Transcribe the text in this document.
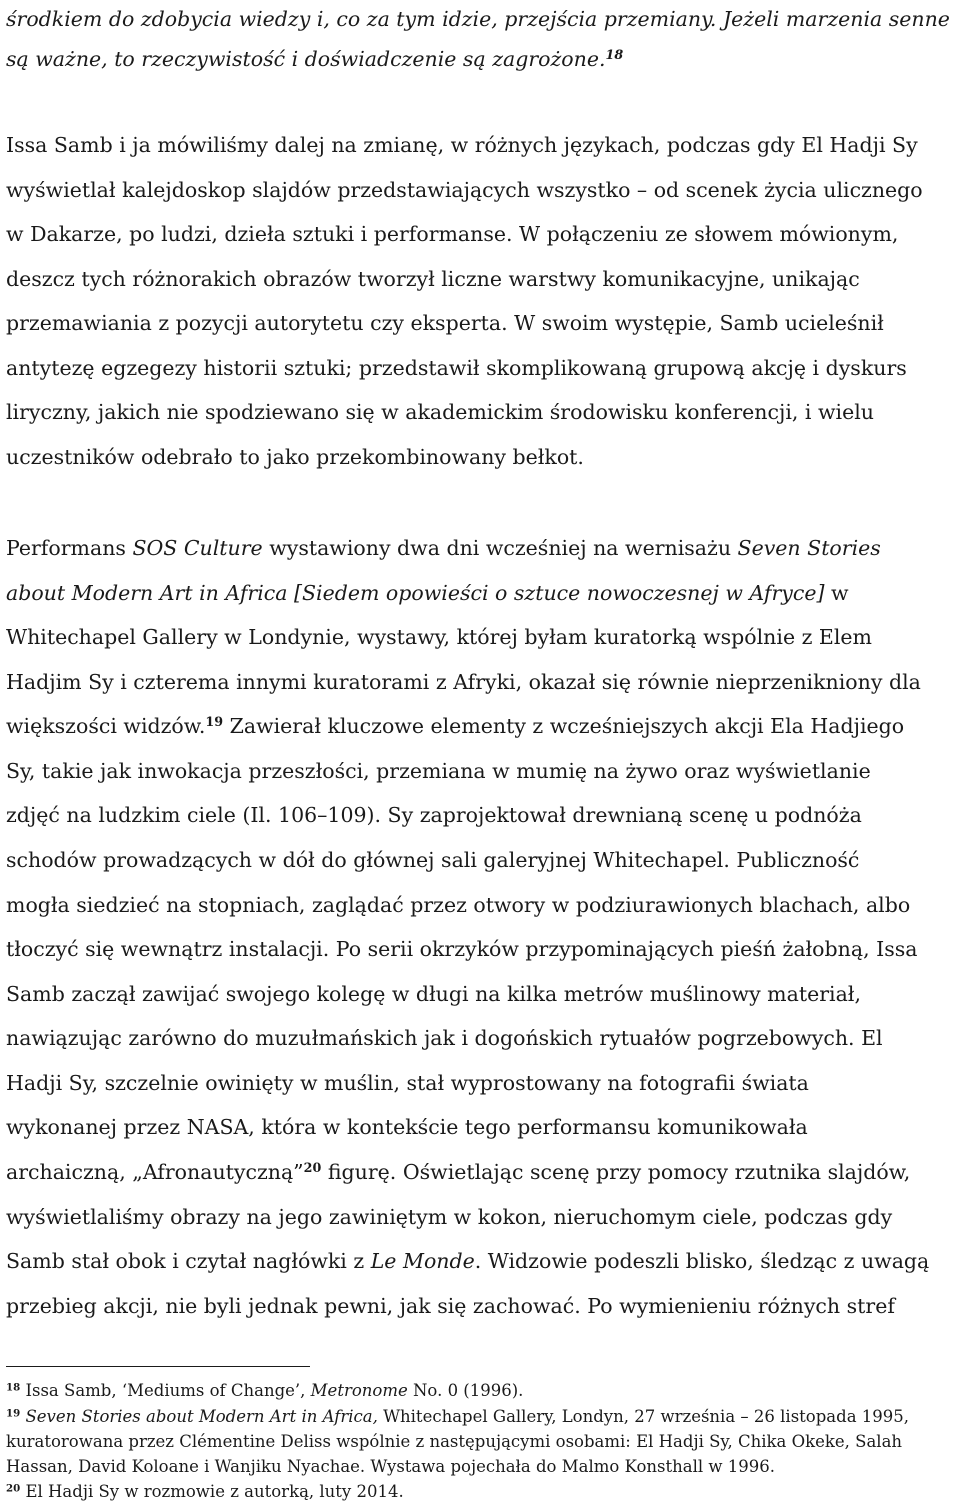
środkiem do zdobycia wiedzy i, co za tym idzie, przejścia przemiany. Jeżeli marzenia senne
są ważne, to rzeczywistość i doświadczenie są zagrożone.$^{18}$
Issa Samb i ja mówiliśmy dalej na zmianę, w różnych językach, podczas gdy El Hadji Sy
wyświetlał kalejdoskop slajdów przedstawiających wszystko – od scenek życia ulicznego
w Dakarze, po ludzi, dzieła sztuki i performanse. W połączeniu ze słowem mówionym,
deszcz tych różnorakich obrazów tworzył liczne warstwy komunikacyjne, unikając
przemawiania z pozycji autorytetu czy eksperta. W swoim występie, Samb ucieleśnił
antytezę egzegezy historii sztuki; przedstawił skomplikowaną grupową akcję i dyskurs
liryczny, jakich nie spodziewano się w akademickim środowisku konferencji, i wielu
uczestników odebrało to jako przekombinowany bełkot.
Performans SOS Culture wystawiony dwa dni wcześniej na wernisażu Seven Stories
about Modern Art in Africa [Siedem opowieści o sztuce nowoczesnej w Afryce] w
Whitechapel Gallery w Londynie, wystawy, której byłam kuratorką wspólnie z Elem
Hadjim Sy i czterema innymi kuratorami z Afryki, okazał się równie nieprzenikniony dla
większości widzów.$^{19}$ Zawierał kluczowe elementy z wcześniejszych akcji Ela Hadjiego
Sy, takie jak inwokacja przeszłości, przemiana w mumię na żywo oraz wyświetlanie
zdjęć na ludzkim ciele (Il. 106–109). Sy zaprojektował drewnianą scenę u podnóża
schodów prowadzących w dół do głównej sali galeryjnej Whitechapel. Publiczność
mogła siedzieć na stopniach, zaglądać przez otwory w podziurawionych blachach, albo
tłoczyć się wewnątrz instalacji. Po serii okrzyków przypominających pieśń żałobną, Issa
Samb zaczął zawijać swojego kolegę w długi na kilka metrów muślinowy materiał,
nawiązując zarówno do muzułmańskich jak i dogońskich rytuałów pogrzebowych. El
Hadji Sy, szczelnie owinięty w muślin, stał wyprostowany na fotografii świata
wykonanej przez NASA, która w kontekście tego performansu komunikowała
archaiczną, „Afronautyczną”$^{20}$ figurę. Oświetlając scenę przy pomocy rzutnika slajdów,
wyświetlaliśmy obrazy na jego zawiniętym w kokon, nieruchomym ciele, podczas gdy
Samb stał obok i czytał nagłówki z Le Monde. Widzowie podeszli blisko, śledząc z uwagą
przebieg akcji, nie byli jednak pewni, jak się zachować. Po wymienieniu różnych stref
$^{18}$ Issa Samb, ‘Mediums of Change’, Metronome No. 0 (1996).
$^{19}$ Seven Stories about Modern Art in Africa, Whitechapel Gallery, Londyn, 27 września – 26 listopada 1995,
kuratorowana przez Clémentine Deliss wspólnie z następującymi osobami: El Hadji Sy, Chika Okeke, Salah
Hassan, David Koloane i Wanjiku Nyachae. Wystawa pojechała do Malmo Konsthall w 1996.
$^{20}$ El Hadji Sy w rozmowie z autorką, luty 2014.
